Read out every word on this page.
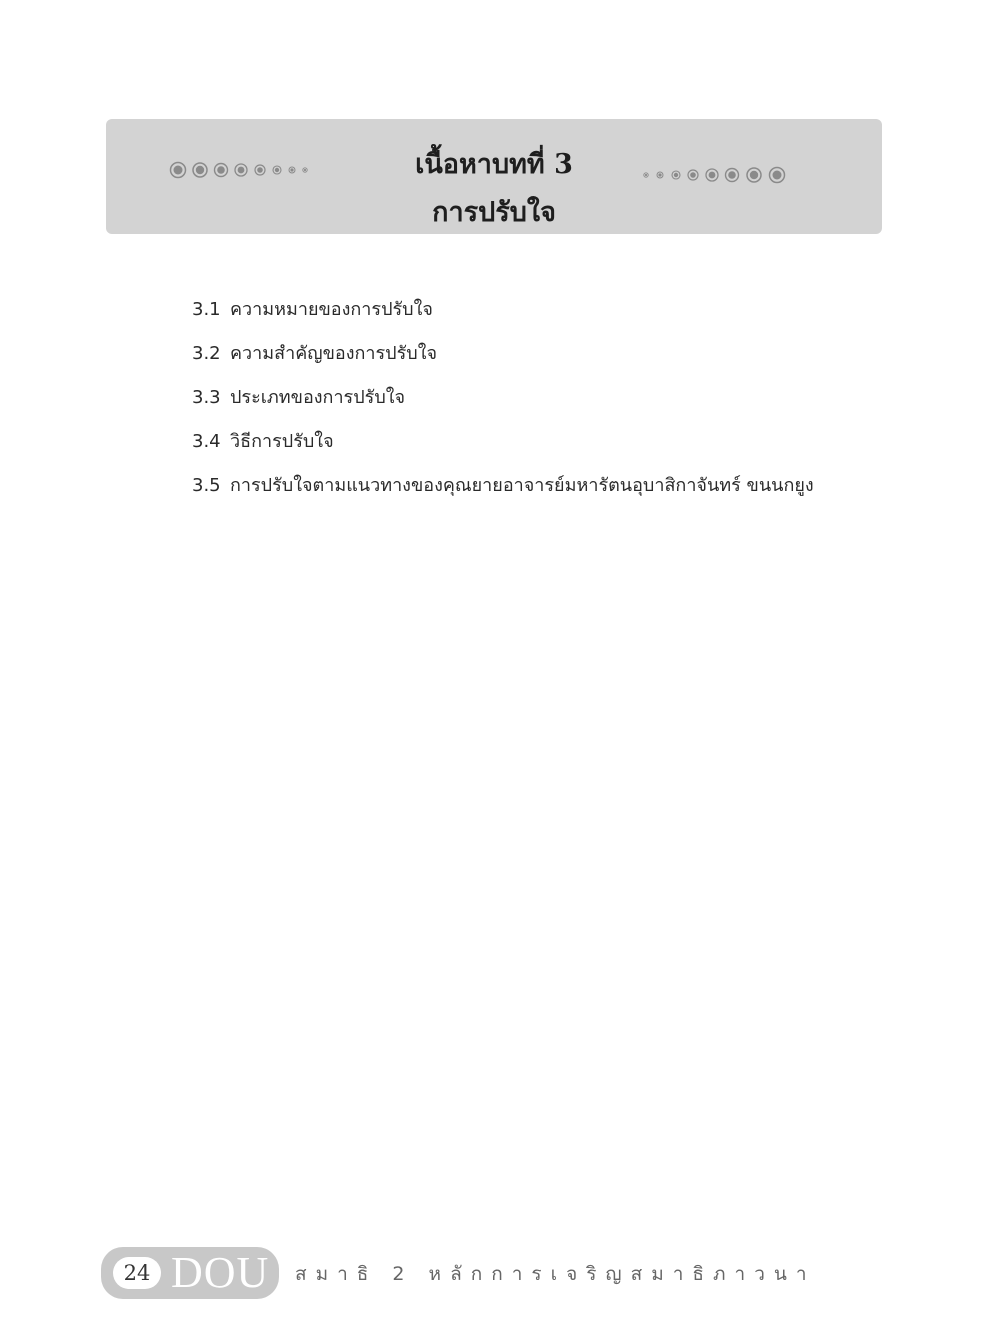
เนื้อหาบทที่ 3
การปรับใจ
3.1 ความหมายของการปรับใจ
3.2 ความสำคัญของการปรับใจ
3.3 ประเภทของการปรับใจ
3.4 วิธีการปรับใจ
3.5 การปรับใจตามแนวทางของคุณยายอาจารย์มหารัตนอุบาสิกาจันทร์ ขนนกยูง
24 DOU สมาธิ 2 หลักการเจริญสมาธิภาวนา
